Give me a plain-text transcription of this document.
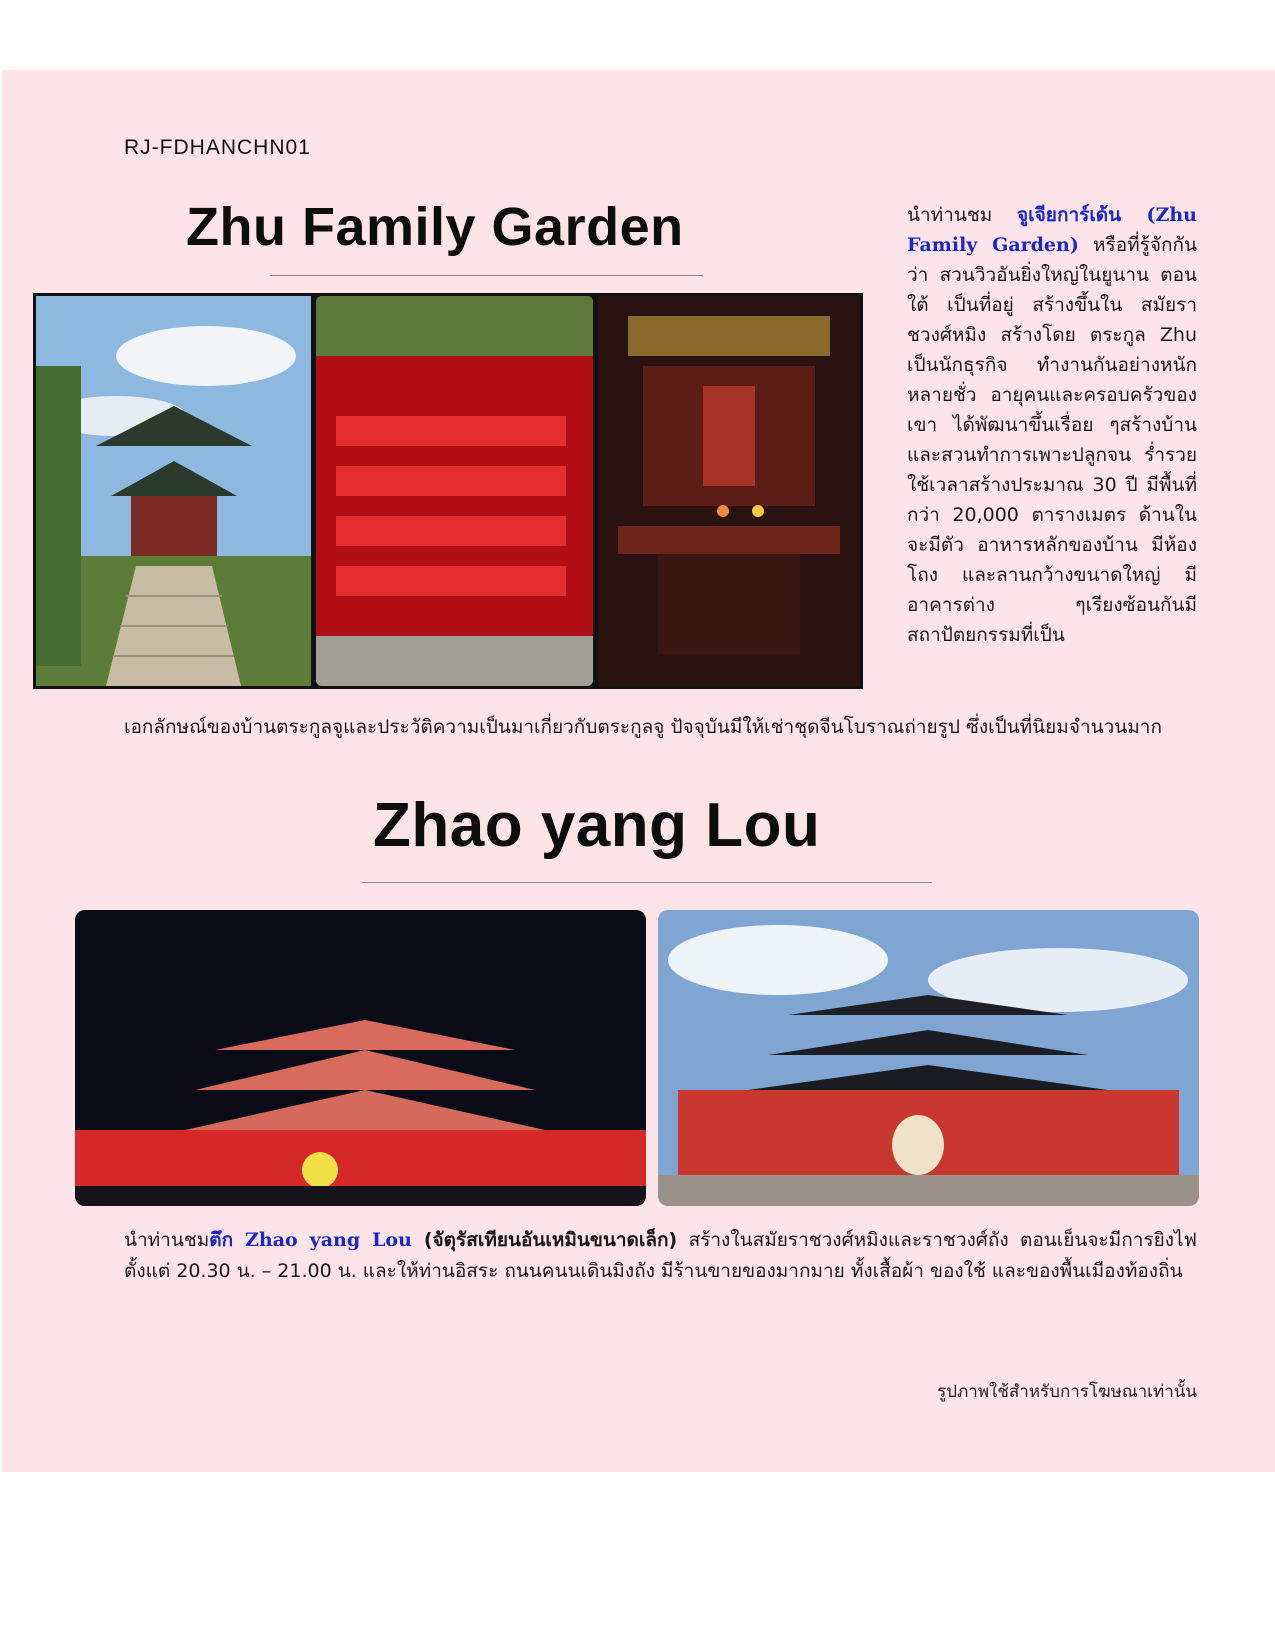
RJ-FDHANCHN01
Zhu Family Garden	นำท่านชม จูเจียการ์เด้น (Zhu Family Garden) หรือที่รู้จักกัน ว่า สวนวิวอันยิ่งใหญ่ในยูนาน ตอนใต้ เป็นที่อยู่ สร้างขึ้นใน สมัยราชวงศ์หมิง สร้างโดย ตระกูล Zhu เป็นนักธุรกิจ ทำงานกันอย่างหนักหลายชั่ว อายุคนและครอบครัวของเขา ได้พัฒนาขึ้นเรื่อย ๆสร้างบ้าน และสวนทำการเพาะปลูกจน ร่ำรวย ใช้เวลาสร้างประมาณ 30 ปี มีพื้นที่กว่า 20,000 ตารางเมตร ด้านในจะมีตัว อาหารหลักของบ้าน มีห้องโถง และลานกว้างขนาดใหญ่ มี อาคารต่าง ๆเรียงซ้อนกันมี สถาปัตยกรรมที่เป็น
เอกลักษณ์ของบ้านตระกูลจูและประวัติความเป็นมาเกี่ยวกับตระกูลจู ปัจจุบันมีให้เช่าชุดจีนโบราณถ่ายรูป ซึ่งเป็นที่นิยมจำนวนมาก
Zhao yang Lou
นำท่านชมตึก Zhao yang Lou (จัตุรัสเทียนอันเหมินขนาดเล็ก) สร้างในสมัยราชวงศ์หมิงและราชวงศ์ถัง ตอนเย็นจะมีการยิงไฟตั้งแต่ 20.30 น. – 21.00 น. และให้ท่านอิสระ ถนนคนนเดินมิงถัง มีร้านขายของมากมาย ทั้งเสื้อผ้า ของใช้ และของพื้นเมืองท้องถิ่น
รูปภาพใช้สำหรับการโฆษณาเท่านั้น
